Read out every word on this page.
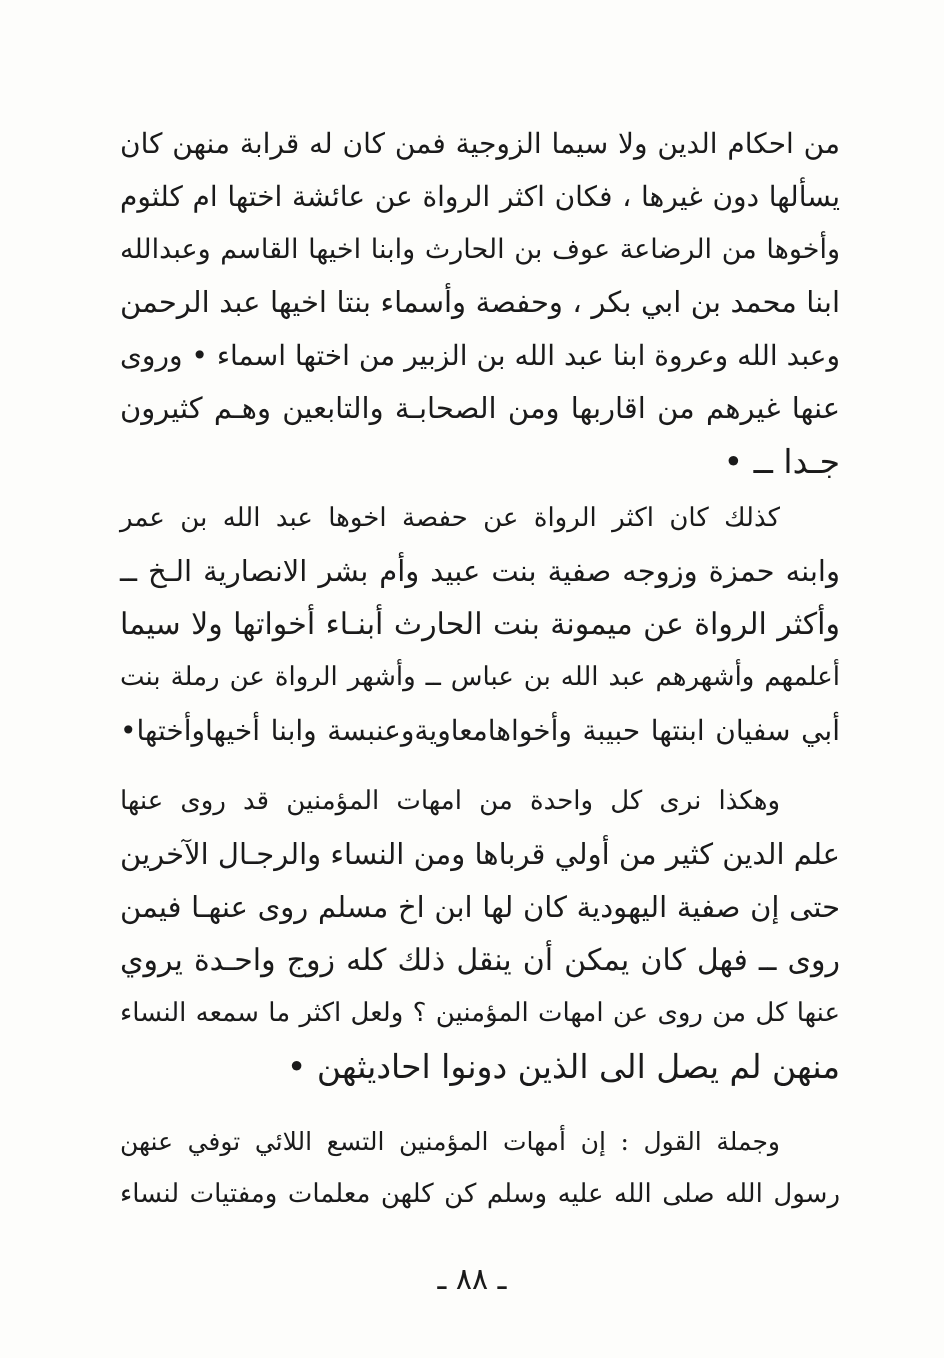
من احكام الدين ولا سيما الزوجية فمن كان له قرابة منهن كان
يسألها دون غيرها ، فكان اكثر الرواة عن عائشة اختها ام كلثوم
وأخوها من الرضاعة عوف بن الحارث وابنا اخيها القاسم وعبدالله
ابنا محمد بن ابي بكر ، وحفصة وأسماء بنتا اخيها عبد الرحمن
وعبد الله وعروة ابنا عبد الله بن الزبير من اختها اسماء • وروى
عنها غيرهم من اقاربها ومن الصحابـة والتابعين وهـم كثيرون
جـدا ــ •
كذلك كان اكثر الرواة عن حفصة اخوها عبد الله بن عمر
وابنه حمزة وزوجه صفية بنت عبيد وأم بشر الانصارية الـخ ــ
وأكثر الرواة عن ميمونة بنت الحارث أبنـاء أخواتها ولا سيما
أعلمهم وأشهرهم عبد الله بن عباس ــ وأشهر الرواة عن رملة بنت
أبي سفيان ابنتها حبيبة وأخواهامعاويةوعنبسة وابنا أخيهاوأختها•
وهكذا نرى كل واحدة من امهات المؤمنين قد روى عنها
علم الدين كثير من أولي قرباها ومن النساء والرجـال الآخرين
حتى إن صفية اليهودية كان لها ابن اخ مسلم روى عنهـا فيمن
روى ــ فهل كان يمكن أن ينقل ذلك كله زوج واحـدة يروي
عنها كل من روى عن امهات المؤمنين ؟ ولعل اكثر ما سمعه النساء
منهن لم يصل الى الذين دونوا احاديثهن •
وجملة القول : إن أمهات المؤمنين التسع اللائي توفي عنهن
رسول الله صلى الله عليه وسلم كن كلهن معلمات ومفتيات لنساء
ـ ٨٨ ـ
